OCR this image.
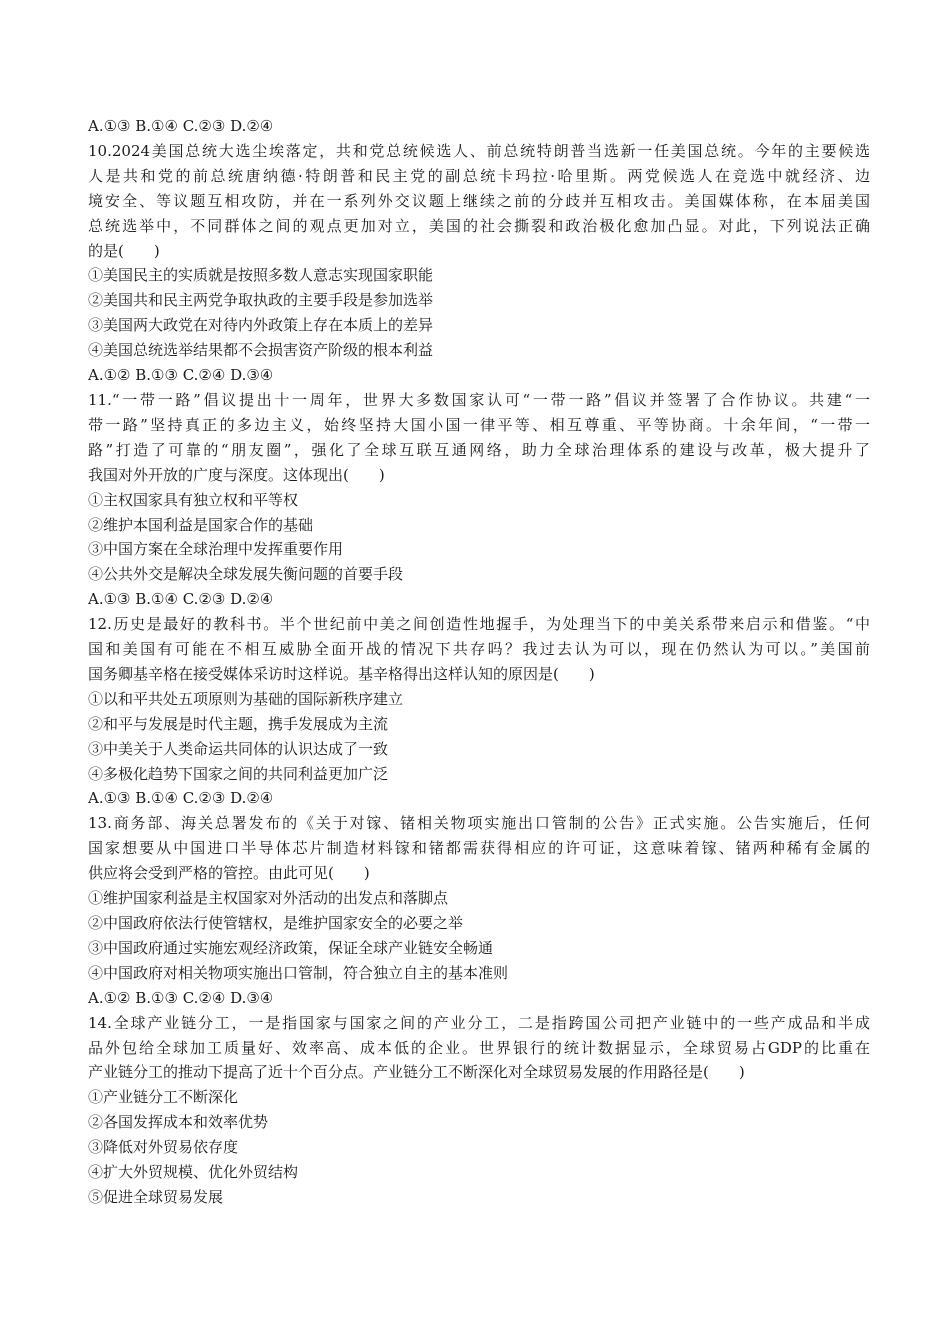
A.①③ B.①④ C.②③ D.②④
10.2024美国总统大选尘埃落定，共和党总统候选人、前总统特朗普当选新一任美国总统。今年的主要候选
人是共和党的前总统唐纳德·特朗普和民主党的副总统卡玛拉·哈里斯。两党候选人在竞选中就经济、边
境安全、等议题互相攻防，并在一系列外交议题上继续之前的分歧并互相攻击。美国媒体称，在本届美国
总统选举中，不同群体之间的观点更加对立，美国的社会撕裂和政治极化愈加凸显。对此，下列说法正确
的是(　　)
①美国民主的实质就是按照多数人意志实现国家职能
②美国共和民主两党争取执政的主要手段是参加选举
③美国两大政党在对待内外政策上存在本质上的差异
④美国总统选举结果都不会损害资产阶级的根本利益
A.①② B.①③ C.②④ D.③④
11.“一带一路”倡议提出十一周年，世界大多数国家认可“一带一路”倡议并签署了合作协议。共建“一
带一路”坚持真正的多边主义，始终坚持大国小国一律平等、相互尊重、平等协商。十余年间，“一带一
路”打造了可靠的“朋友圈”，强化了全球互联互通网络，助力全球治理体系的建设与改革，极大提升了
我国对外开放的广度与深度。这体现出(　　)
①主权国家具有独立权和平等权
②维护本国利益是国家合作的基础
③中国方案在全球治理中发挥重要作用
④公共外交是解决全球发展失衡问题的首要手段
A.①③ B.①④ C.②③ D.②④
12.历史是最好的教科书。半个世纪前中美之间创造性地握手，为处理当下的中美关系带来启示和借鉴。“中
国和美国有可能在不相互威胁全面开战的情况下共存吗？我过去认为可以，现在仍然认为可以。”美国前
国务卿基辛格在接受媒体采访时这样说。基辛格得出这样认知的原因是(　　)
①以和平共处五项原则为基础的国际新秩序建立
②和平与发展是时代主题，携手发展成为主流
③中美关于人类命运共同体的认识达成了一致
④多极化趋势下国家之间的共同利益更加广泛
A.①③ B.①④ C.②③ D.②④
13.商务部、海关总署发布的《关于对镓、锗相关物项实施出口管制的公告》正式实施。公告实施后，任何
国家想要从中国进口半导体芯片制造材料镓和锗都需获得相应的许可证，这意味着镓、锗两种稀有金属的
供应将会受到严格的管控。由此可见(　　)
①维护国家利益是主权国家对外活动的出发点和落脚点
②中国政府依法行使管辖权，是维护国家安全的必要之举
③中国政府通过实施宏观经济政策，保证全球产业链安全畅通
④中国政府对相关物项实施出口管制，符合独立自主的基本准则
A.①② B.①③ C.②④ D.③④
14.全球产业链分工，一是指国家与国家之间的产业分工，二是指跨国公司把产业链中的一些产成品和半成
品外包给全球加工质量好、效率高、成本低的企业。世界银行的统计数据显示，全球贸易占GDP的比重在
产业链分工的推动下提高了近十个百分点。产业链分工不断深化对全球贸易发展的作用路径是(　　)
①产业链分工不断深化
②各国发挥成本和效率优势
③降低对外贸易依存度
④扩大外贸规模、优化外贸结构
⑤促进全球贸易发展
